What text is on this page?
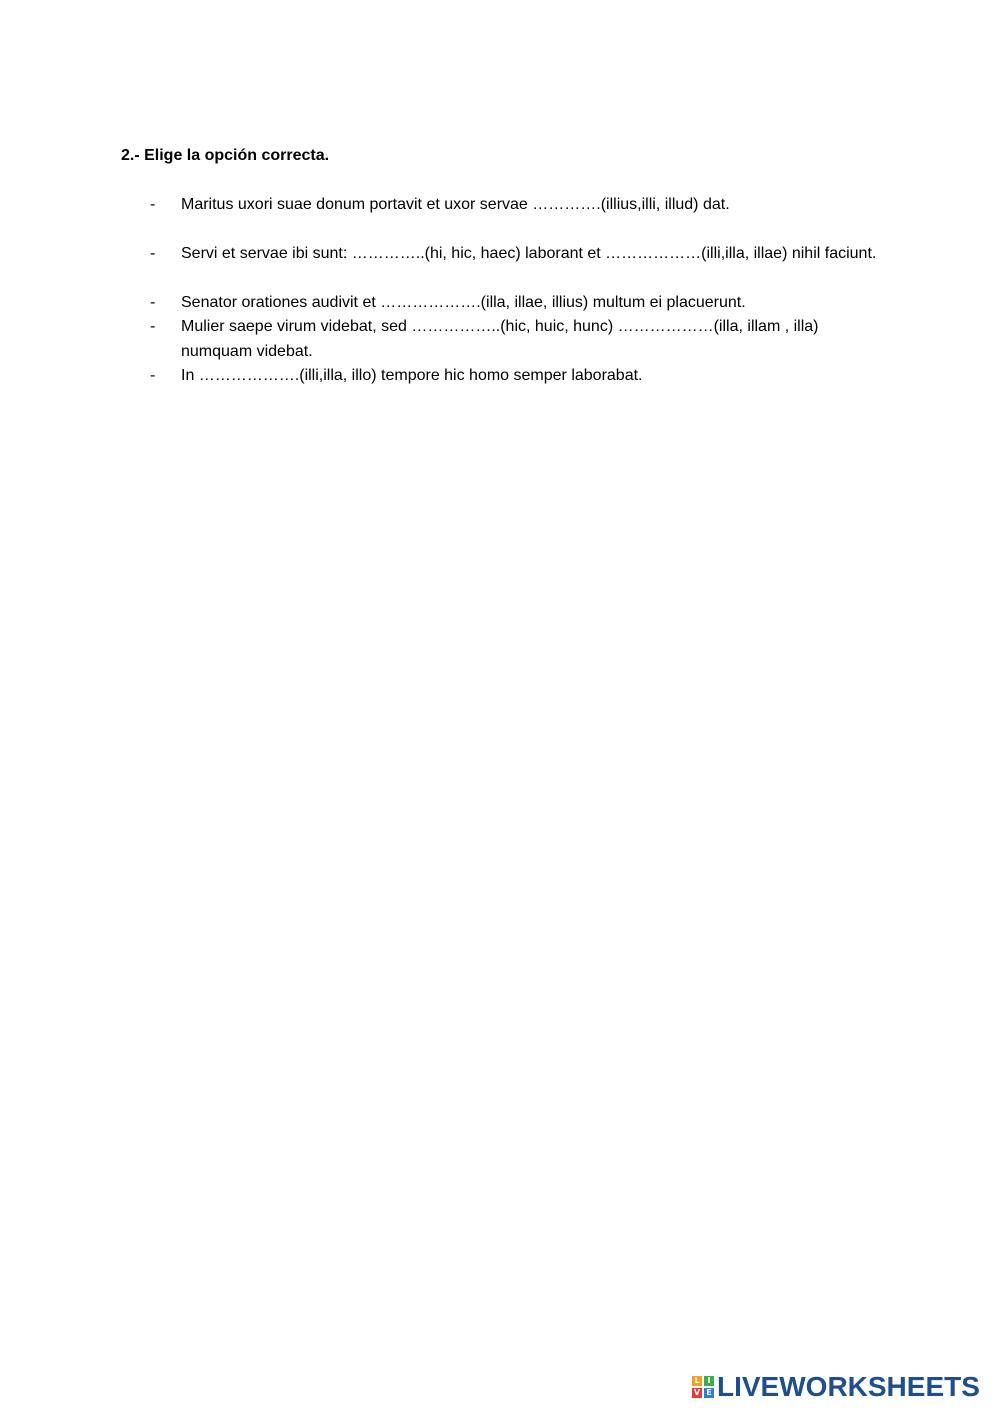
2.- Elige la opción correcta.
-	Maritus uxori suae donum portavit et uxor servae ………….(illius,illi, illud) dat.
-	Servi et servae ibi sunt: …………..(hi, hic, haec) laborant et ………………(illi,illa, illae) nihil faciunt.
-	Senator orationes audivit et ……………….(illa, illae, illius) multum ei placuerunt.
-	Mulier saepe virum videbat, sed ……………..(hic, huic, hunc) ………………(illa, illam , illa) numquam videbat.
-	In ……………….(illi,illa, illo) tempore hic homo semper laborabat.
L I
V E LIVEWORKSHEETS
